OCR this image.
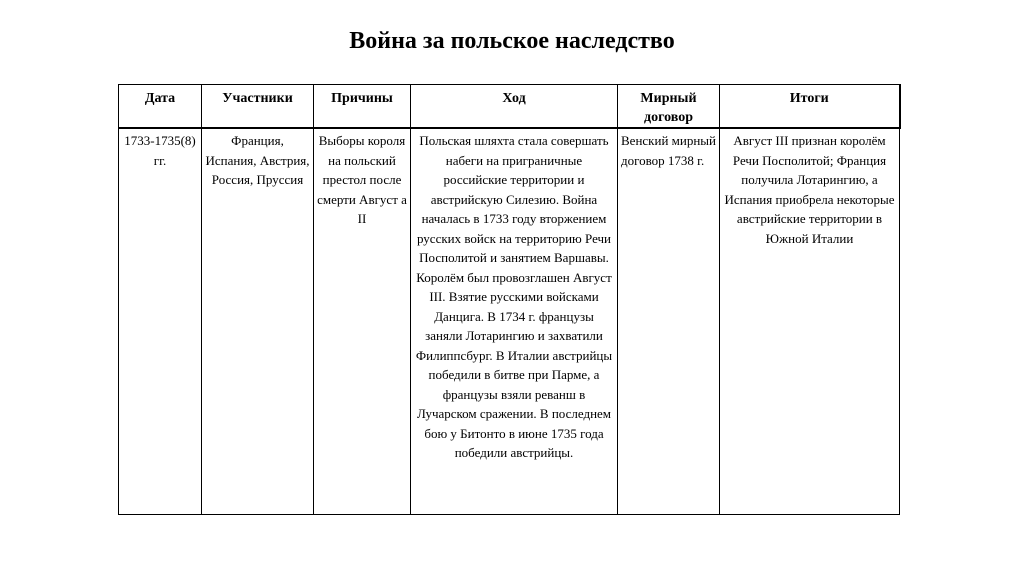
Война за польское наследство
Дата	Участники	Причины	Ход	Мирный договор	Итоги
1733-1735(8) гг.	Франция, Испания, Австрия, Россия, Пруссия	Выборы короля на польский престол после смерти Август а II	Польская шляхта стала совершать набеги на приграничные российские территории и австрийскую Силезию. Война началась в 1733 году вторжением русских войск на территорию Речи Посполитой и занятием Варшавы. Королём был провозглашен Август III. Взятие русскими войсками Данцига. В 1734 г. французы заняли Лотарингию и захватили Филиппсбург. В Италии австрийцы победили в битве при Парме, а французы взяли реванш в Лучарском сражении. В последнем бою у Битонто в июне 1735 года победили австрийцы.	Венский мирный договор 1738 г.	Август III признан королём Речи Посполитой; Франция получила Лотарингию, а Испания приобрела некоторые австрийские территории в Южной Италии
